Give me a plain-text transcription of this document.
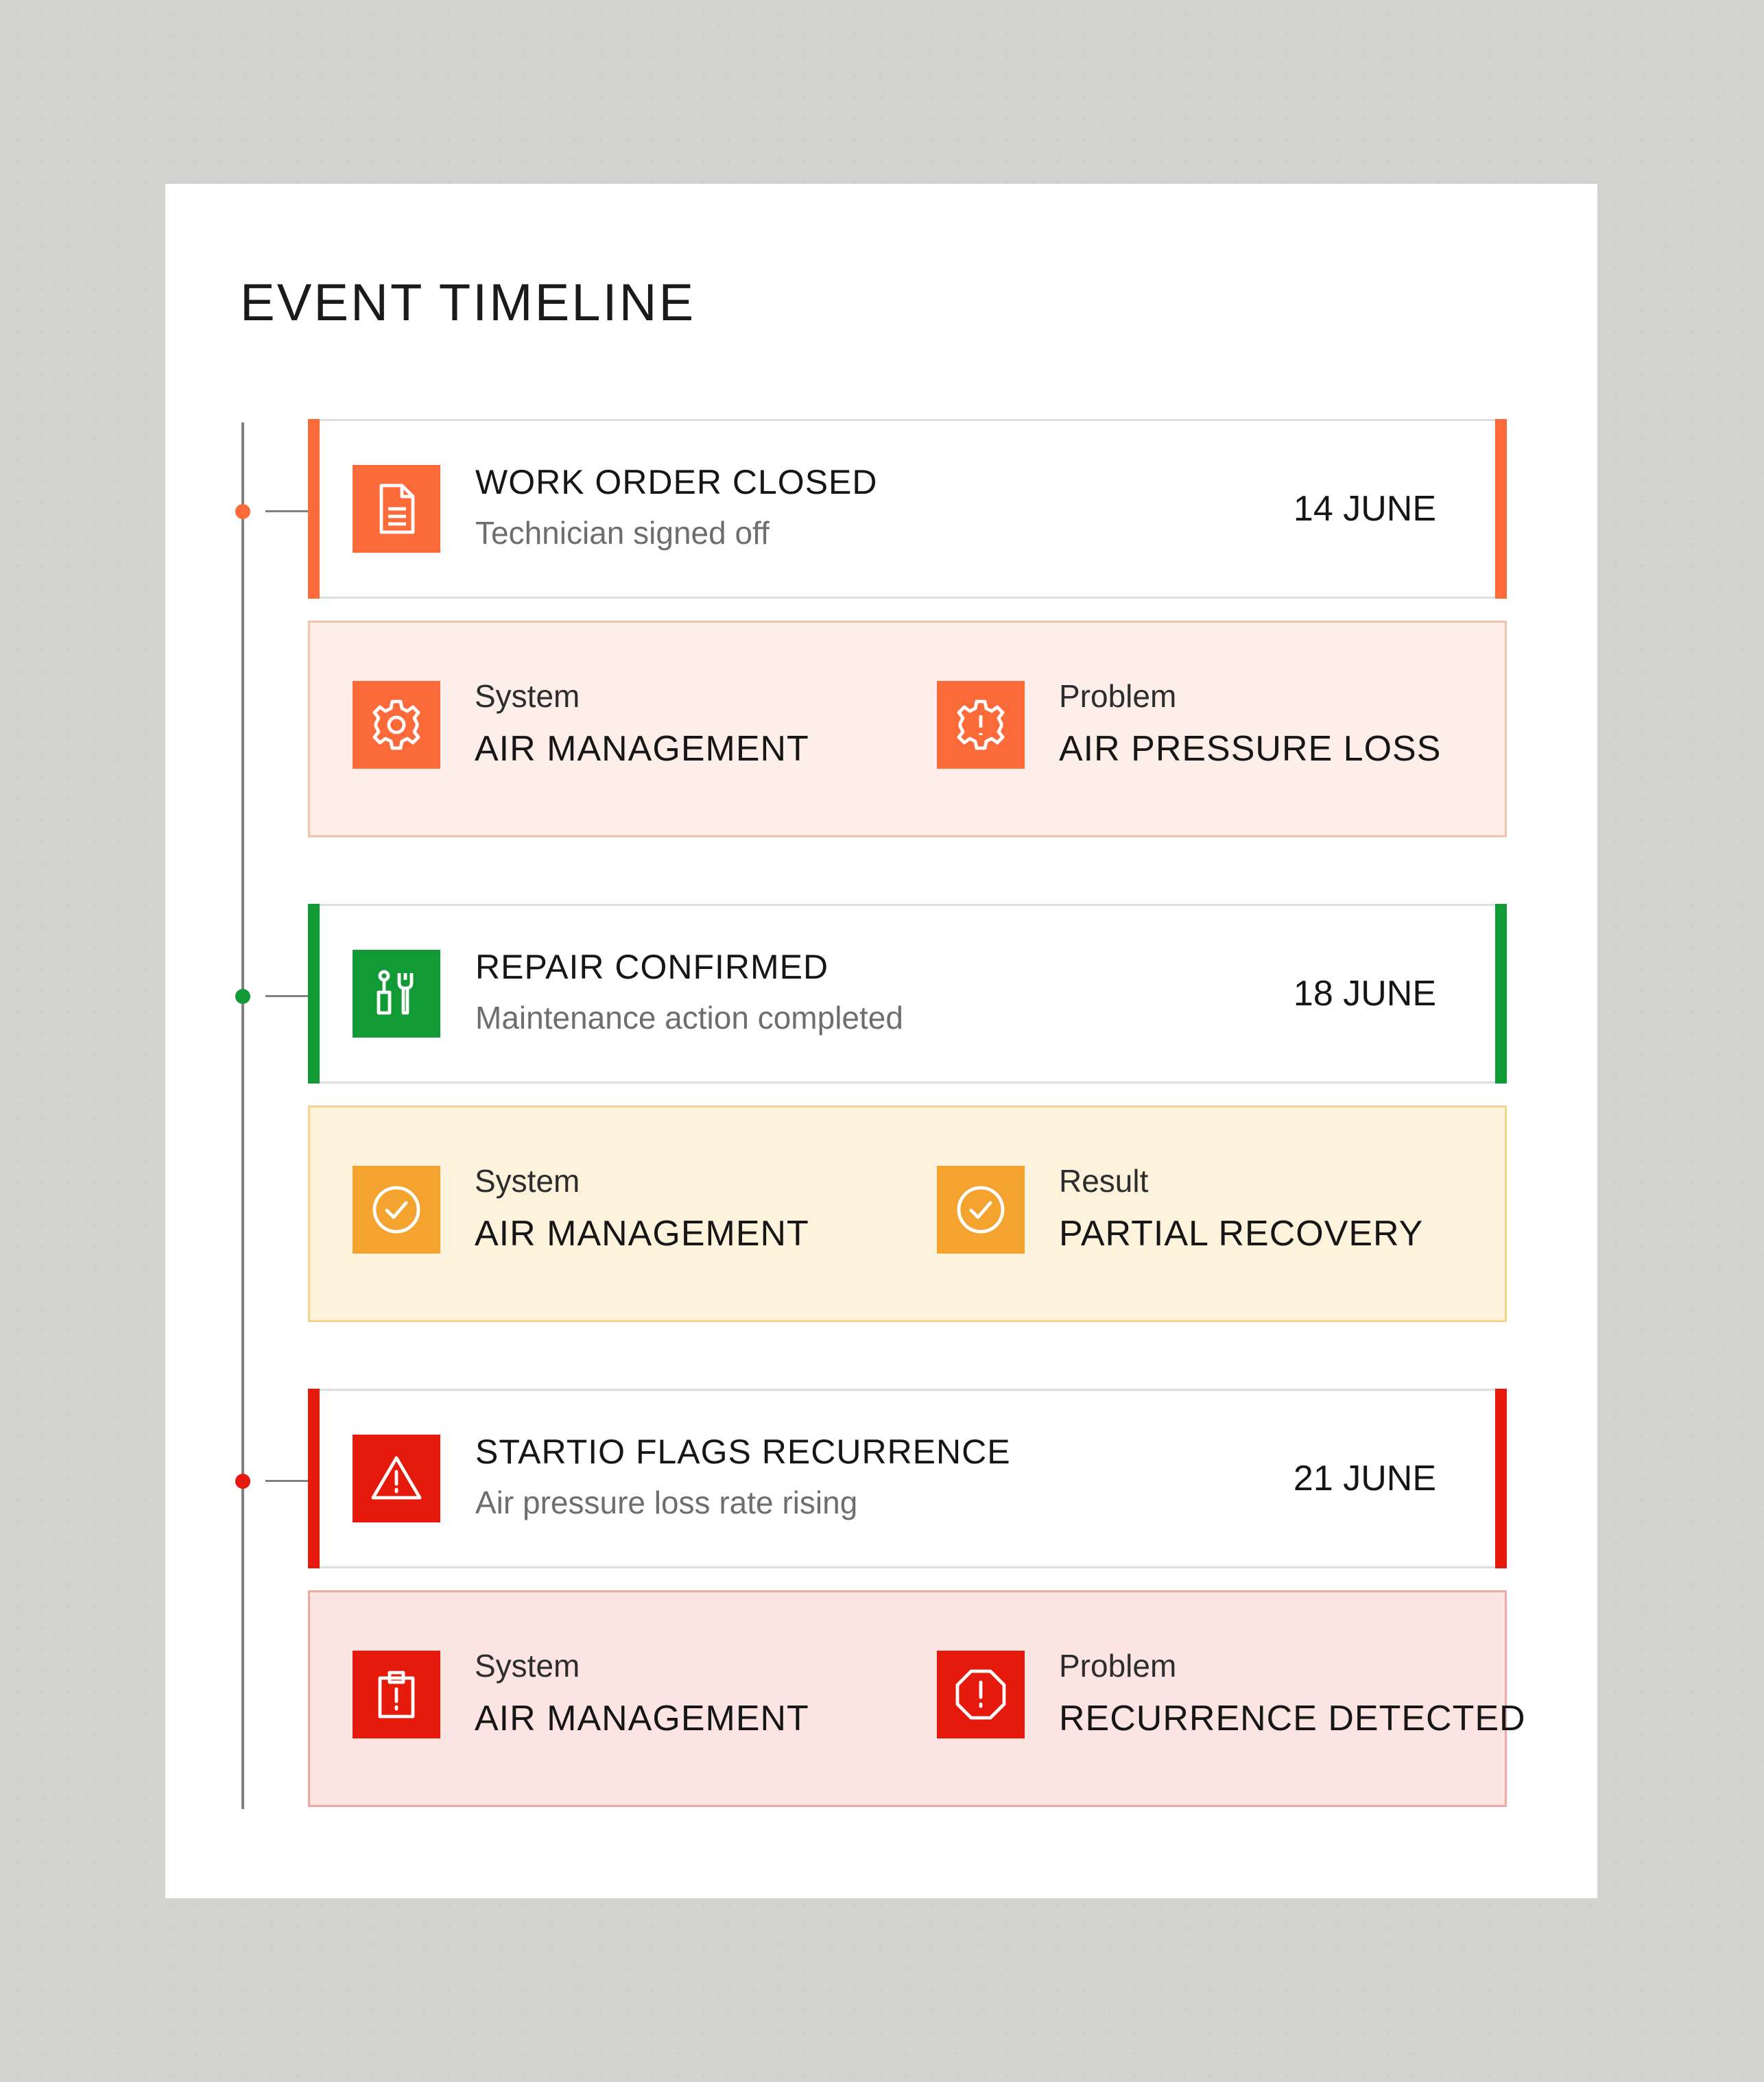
EVENT TIMELINE
WORK ORDER CLOSED
Technician signed off
14 JUNE
System
AIR MANAGEMENT
Problem
AIR PRESSURE LOSS
REPAIR CONFIRMED
Maintenance action completed
18 JUNE
System
AIR MANAGEMENT
Result
PARTIAL RECOVERY
STARTIO FLAGS RECURRENCE
Air pressure loss rate rising
21 JUNE
System
AIR MANAGEMENT
Problem
RECURRENCE DETECTED
